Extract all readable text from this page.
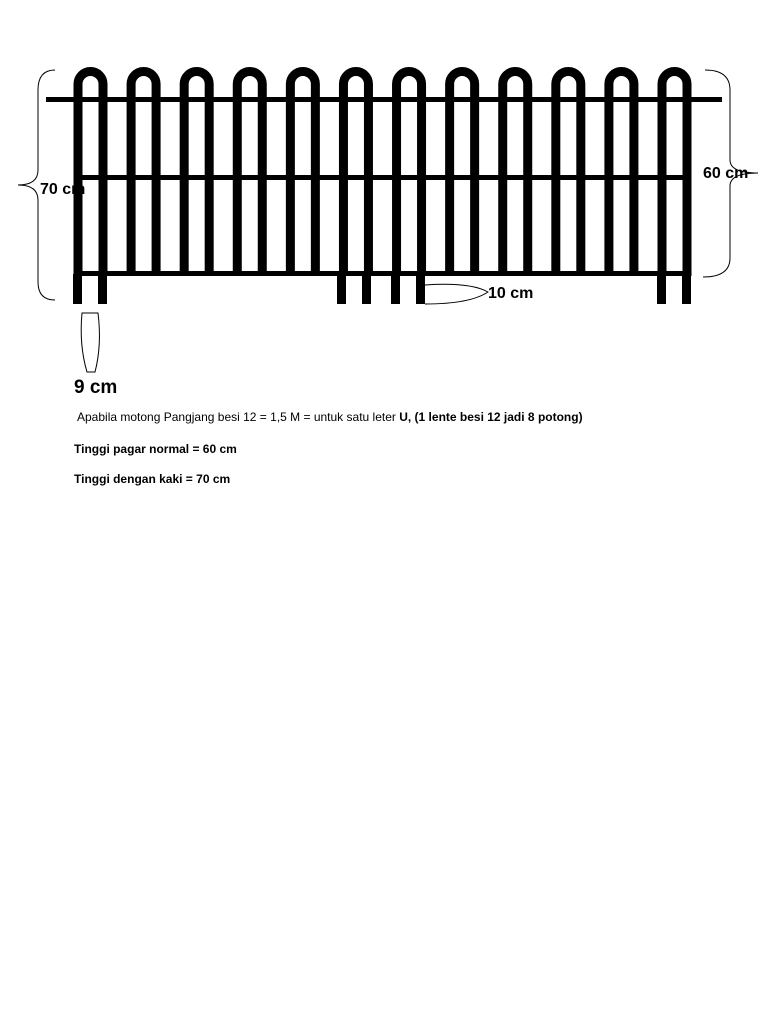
70 cm
60 cm
10 cm
9 cm
Apabila motong Pangjang besi 12 = 1,5 M = untuk satu leter U, (1 lente besi 12 jadi 8 potong)
Tinggi pagar normal = 60 cm
Tinggi dengan kaki = 70 cm
